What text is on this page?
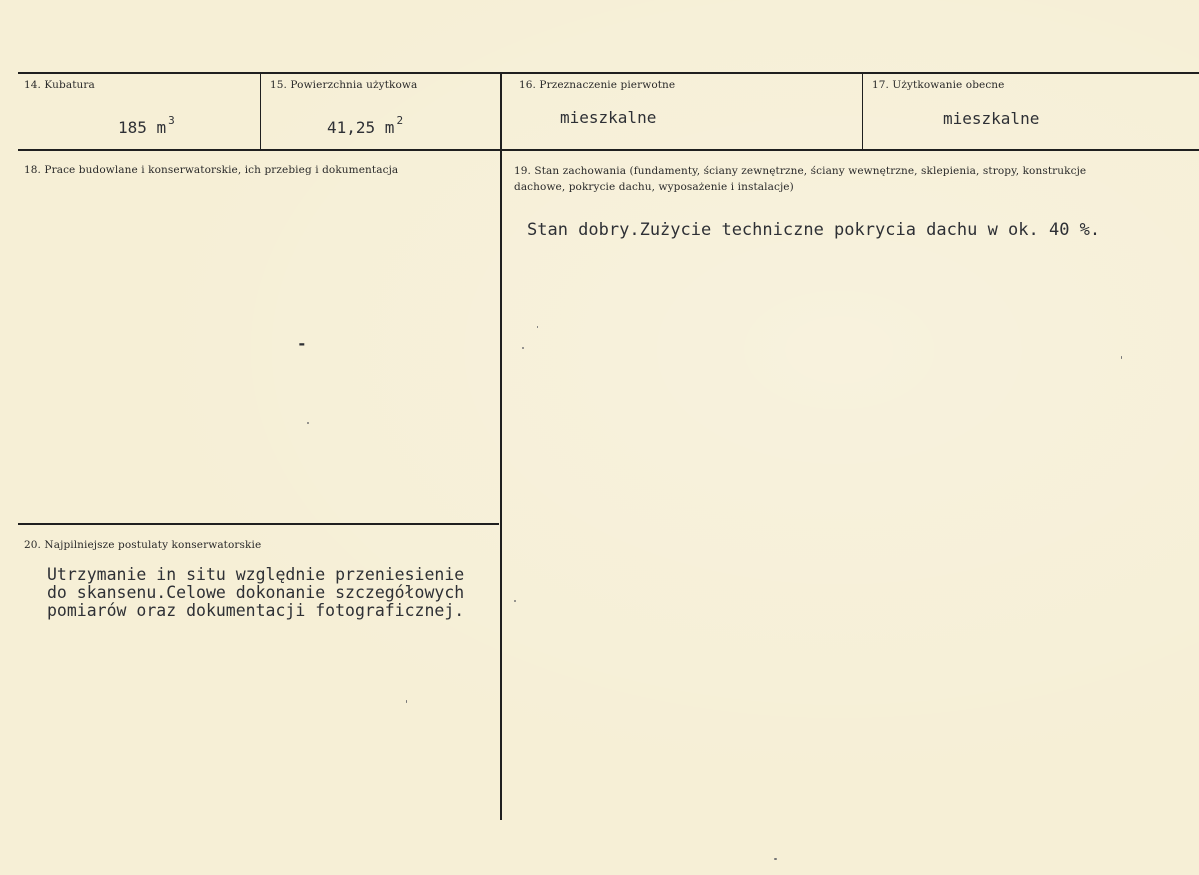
14. Kubatura
185 m $^3$
15. Powierzchnia użytkowa
41,25 m $^2$
16. Przeznaczenie pierwotne
mieszkalne
17. Użytkowanie obecne
mieszkalne
18. Prace budowlane i konserwatorskie, ich przebieg i dokumentacja
-
19. Stan zachowania (fundamenty, ściany zewnętrzne, ściany wewnętrzne, sklepienia, stropy, konstrukcje dachowe, pokrycie dachu, wyposażenie i instalacje)
Stan dobry.Zużycie techniczne pokrycia dachu w ok. 40 %.
20. Najpilniejsze postulaty konserwatorskie
Utrzymanie in situ względnie przeniesienie do skansenu.Celowe dokonanie szczegółowych pomiarów oraz dokumentacji fotograficznej.
